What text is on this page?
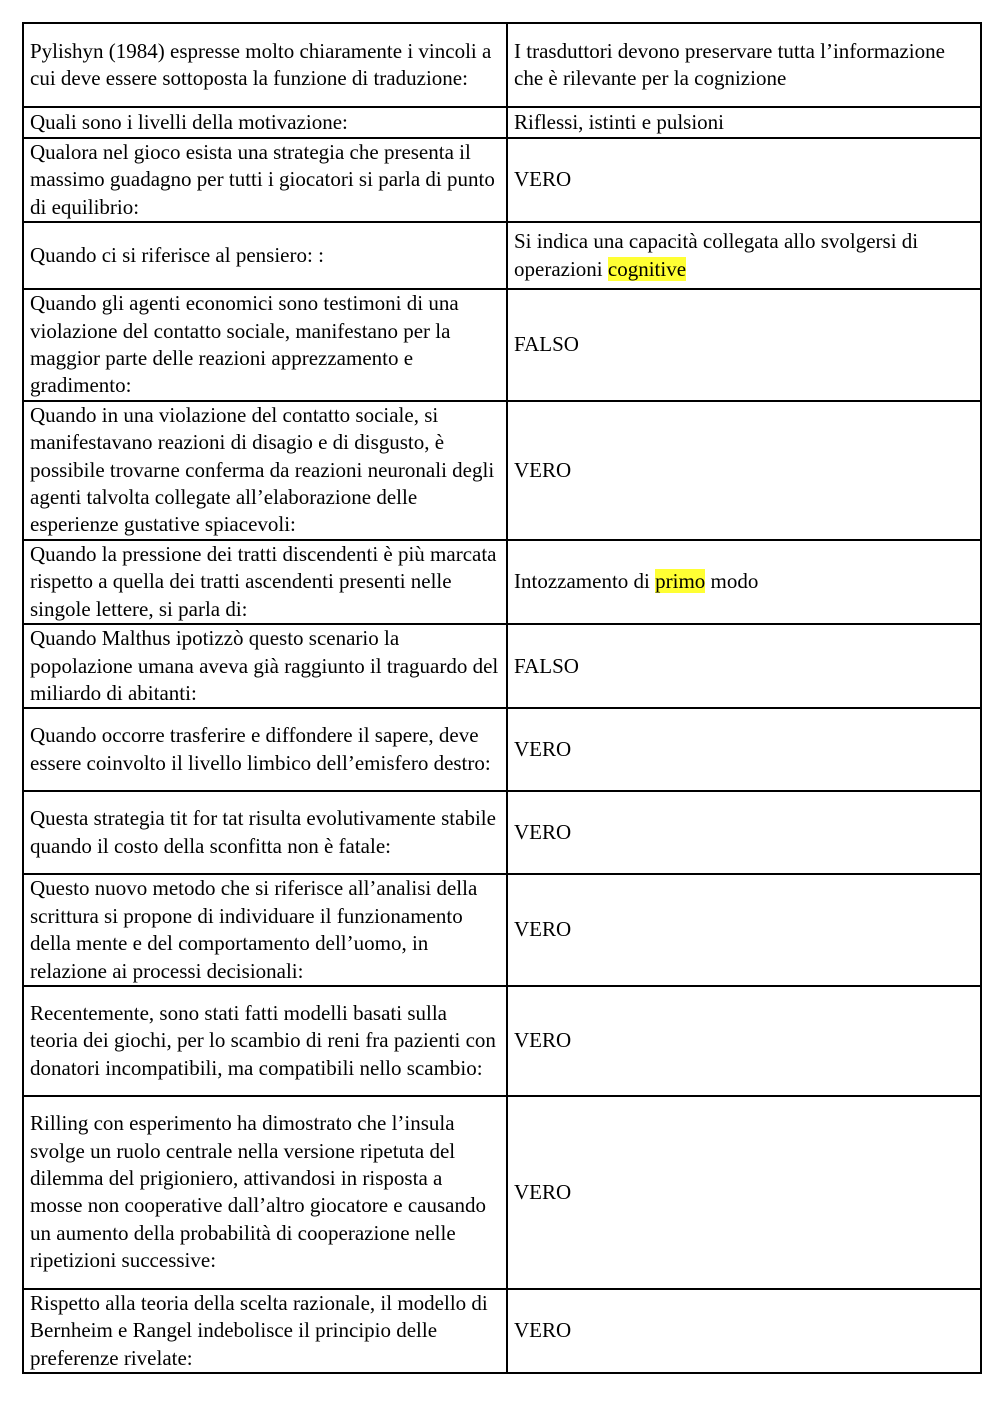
Pylishyn (1984) espresse molto chiaramente i vincoli a cui deve essere sottoposta la funzione di traduzione:	I trasduttori devono preservare tutta l’informazione che è rilevante per la cognizione
Quali sono i livelli della motivazione:	Riflessi, istinti e pulsioni
Qualora nel gioco esista una strategia che presenta il massimo guadagno per tutti i giocatori si parla di punto di equilibrio:	VERO
Quando ci si riferisce al pensiero: :	Si indica una capacità collegata allo svolgersi di operazioni cognitive
Quando gli agenti economici sono testimoni di una violazione del contatto sociale, manifestano per la maggior parte delle reazioni apprezzamento e gradimento:	FALSO
Quando in una violazione del contatto sociale, si manifestavano reazioni di disagio e di disgusto, è possibile trovarne conferma da reazioni neuronali degli agenti talvolta collegate all’elaborazione delle esperienze gustative spiacevoli:	VERO
Quando la pressione dei tratti discendenti è più marcata rispetto a quella dei tratti ascendenti presenti nelle singole lettere, si parla di:	Intozzamento di primo modo
Quando Malthus ipotizzò questo scenario la popolazione umana aveva già raggiunto il traguardo del miliardo di abitanti:	FALSO
Quando occorre trasferire e diffondere il sapere, deve essere coinvolto il livello limbico dell’emisfero destro:	VERO
Questa strategia tit for tat risulta evolutivamente stabile quando il costo della sconfitta non è fatale:	VERO
Questo nuovo metodo che si riferisce all’analisi della scrittura si propone di individuare il funzionamento della mente e del comportamento dell’uomo, in relazione ai processi decisionali:	VERO
Recentemente, sono stati fatti modelli basati sulla teoria dei giochi, per lo scambio di reni fra pazienti con donatori incompatibili, ma compatibili nello scambio:	VERO
Rilling con esperimento ha dimostrato che l’insula svolge un ruolo centrale nella versione ripetuta del dilemma del prigioniero, attivandosi in risposta a mosse non cooperative dall’altro giocatore e causando un aumento della probabilità di cooperazione nelle ripetizioni successive:	VERO
Rispetto alla teoria della scelta razionale, il modello di Bernheim e Rangel indebolisce il principio delle preferenze rivelate:	VERO
